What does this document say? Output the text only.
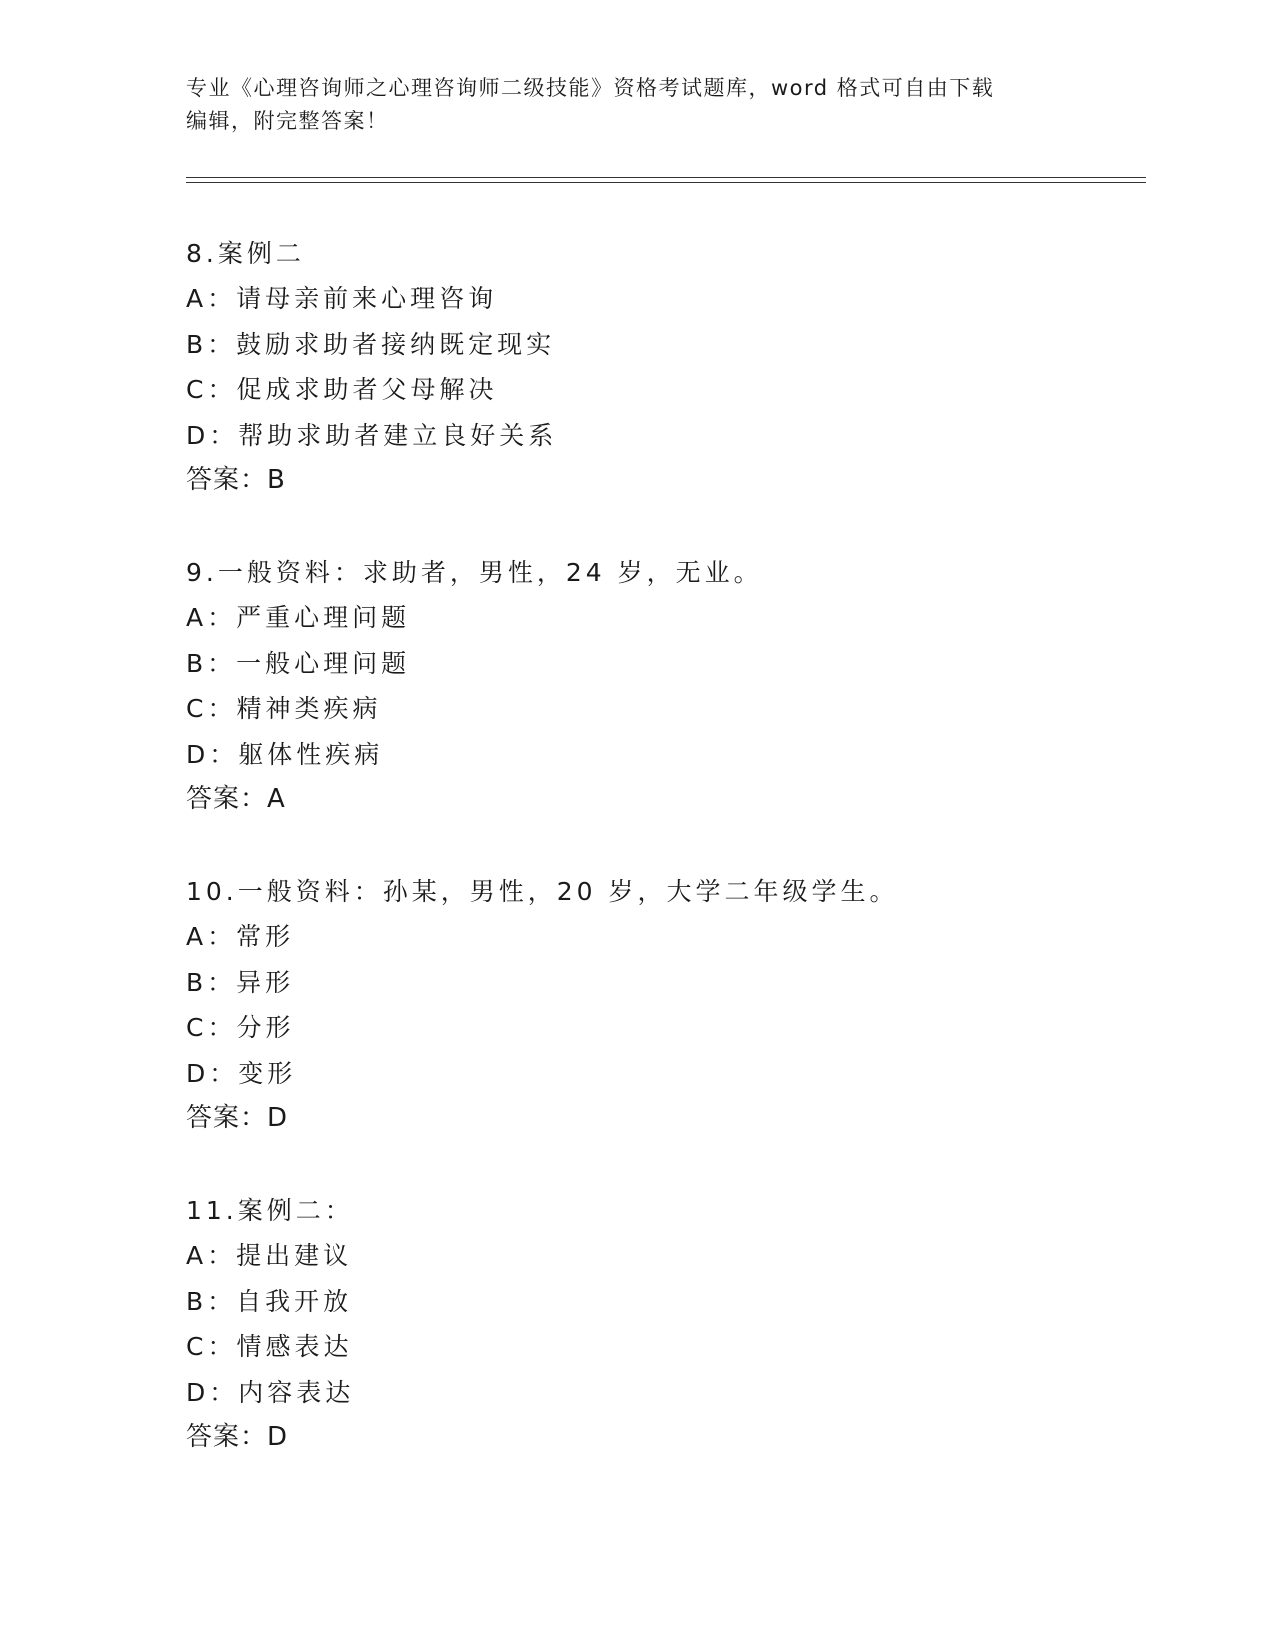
专业《心理咨询师之心理咨询师二级技能》资格考试题库，word 格式可自由下载
编辑，附完整答案！
8.案例二
A：请母亲前来心理咨询
B：鼓励求助者接纳既定现实
C：促成求助者父母解决
D：帮助求助者建立良好关系
答案：B
9.一般资料：求助者，男性，24 岁，无业。
A：严重心理问题
B：一般心理问题
C：精神类疾病
D：躯体性疾病
答案：A
10.一般资料：孙某，男性，20 岁，大学二年级学生。
A：常形
B：异形
C：分形
D：变形
答案：D
11.案例二：
A：提出建议
B：自我开放
C：情感表达
D：内容表达
答案：D
